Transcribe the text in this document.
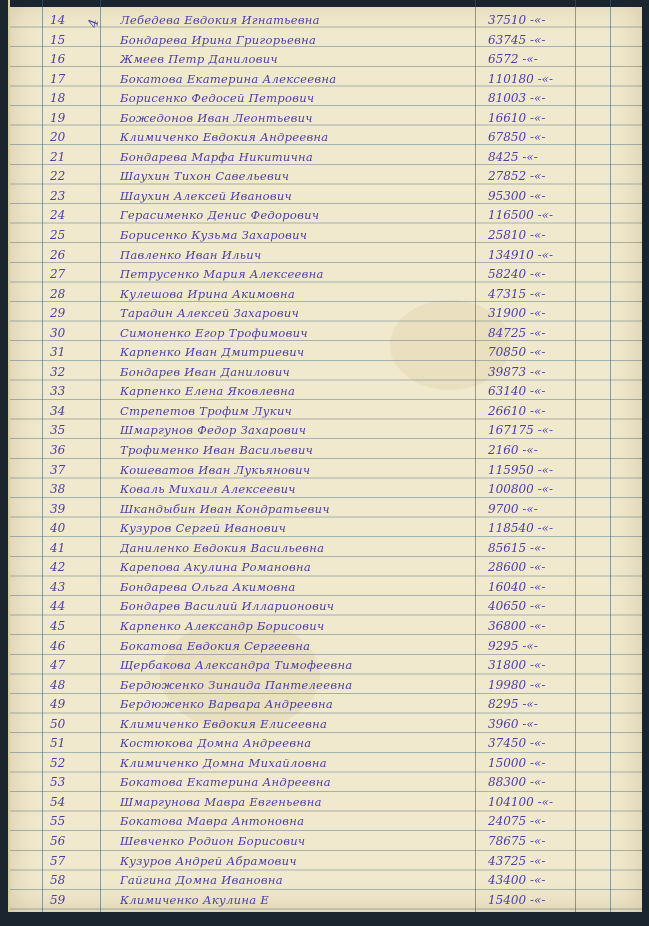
4
14	Лебедева Евдокия Игнатьевна	37510 -«-
15	Бондарева Ирина Григорьевна	63745 -«-
16	Жмеев Петр Данилович	6572 -«-
17	Бокатова Екатерина Алексеевна	110180 -«-
18	Борисенко Федосей Петрович	81003 -«-
19	Божедонов Иван Леонтьевич	16610 -«-
20	Климиченко Евдокия Андреевна	67850 -«-
21	Бондарева Марфа Никитична	8425 -«-
22	Шаухин Тихон Савельевич	27852 -«-
23	Шаухин Алексей Иванович	95300 -«-
24	Герасименко Денис Федорович	116500 -«-
25	Борисенко Кузьма Захарович	25810 -«-
26	Павленко Иван Ильич	134910 -«-
27	Петрусенко Мария Алексеевна	58240 -«-
28	Кулешова Ирина Акимовна	47315 -«-
29	Тарадин Алексей Захарович	31900 -«-
30	Симоненко Егор Трофимович	84725 -«-
31	Карпенко Иван Дмитриевич	70850 -«-
32	Бондарев Иван Данилович	39873 -«-
33	Карпенко Елена Яковлевна	63140 -«-
34	Стрепетов Трофим Лукич	26610 -«-
35	Шмаргунов Федор Захарович	167175 -«-
36	Трофименко Иван Васильевич	2160 -«-
37	Кошеватов Иван Лукьянович	115950 -«-
38	Коваль Михаил Алексеевич	100800 -«-
39	Шкандыбин Иван Кондратьевич	9700 -«-
40	Кузуров Сергей Иванович	118540 -«-
41	Даниленко Евдокия Васильевна	85615 -«-
42	Карепова Акулина Романовна	28600 -«-
43	Бондарева Ольга Акимовна	16040 -«-
44	Бондарев Василий Илларионович	40650 -«-
45	Карпенко Александр Борисович	36800 -«-
46	Бокатова Евдокия Сергеевна	9295 -«-
47	Щербакова Александра Тимофеевна	31800 -«-
48	Бердюженко Зинаида Пантелеевна	19980 -«-
49	Бердюженко Варвара Андреевна	8295 -«-
50	Климиченко Евдокия Елисеевна	3960 -«-
51	Костюкова Домна Андреевна	37450 -«-
52	Климиченко Домна Михайловна	15000 -«-
53	Бокатова Екатерина Андреевна	88300 -«-
54	Шмаргунова Мавра Евгеньевна	104100 -«-
55	Бокатова Мавра Антоновна	24075 -«-
56	Шевченко Родион Борисович	78675 -«-
57	Кузуров Андрей Абрамович	43725 -«-
58	Гайгина Домна Ивановна	43400 -«-
59	Климиченко Акулина Е	15400 -«-
